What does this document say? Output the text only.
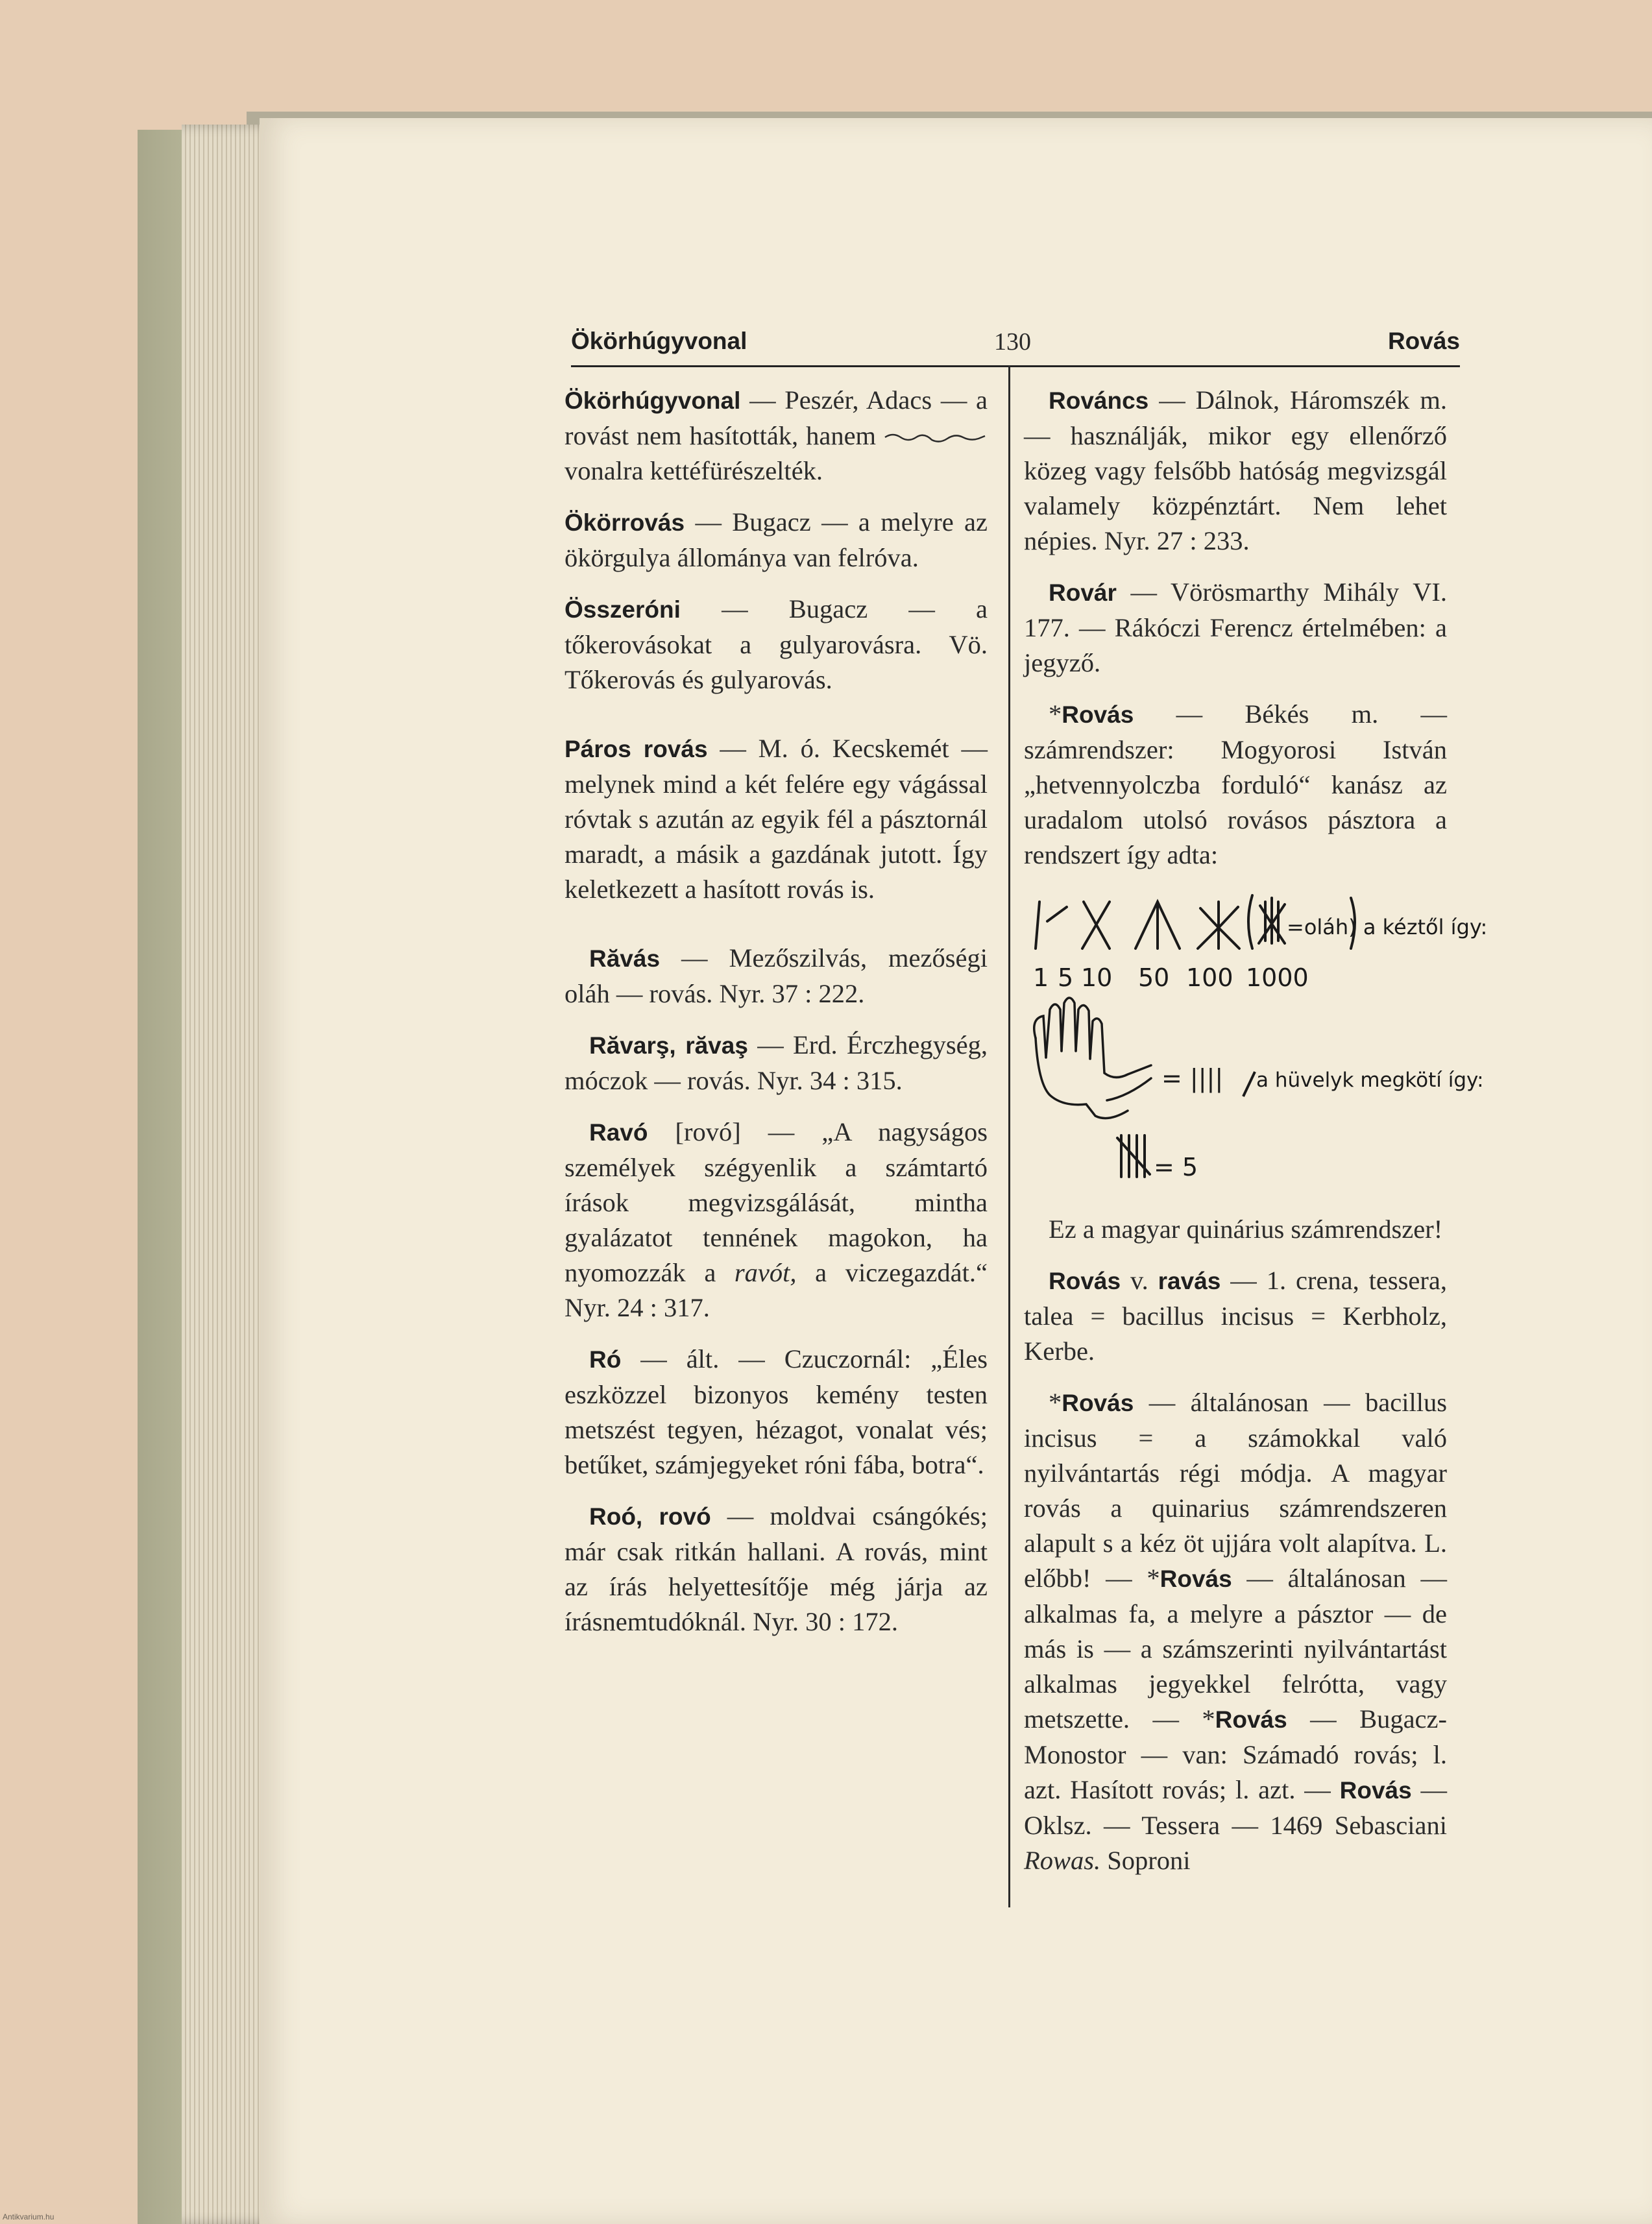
Ökörhúgyvonal	130	Rovás

Ökörhúgyvonal — Peszér, Adacs — a rovást nem hasították, hanem  vonalra kettéfürészelték.

Ökörrovás — Bugacz — a melyre az ökörgulya állománya van felróva.

Összeróni — Bugacz — a tőkerovásokat a gulyarovásra. Vö. Tőkerovás és gulyarovás.

Páros rovás — M. ó. Kecskemét — melynek mind a két felére egy vágással róvtak s azután az egyik fél a pásztornál maradt, a másik a gazdának jutott. Így keletkezett a hasított rovás is.

Răvás — Mezőszilvás, mezőségi oláh — rovás. Nyr. 37 : 222.

Răvarş, răvaş — Erd. Érczhegység, móczok — rovás. Nyr. 34 : 315.

Ravó [rovó] — „A nagyságos személyek szégyenlik a számtartó írások megvizsgálását, mintha gyalázatot tennének magokon, ha nyomozzák a ravót, a viczegazdát.“ Nyr. 24 : 317.

Ró — ált. — Czuczornál: „Éles eszközzel bizonyos kemény testen metszést tegyen, hézagot, vonalat vés; betűket, számjegyeket róni fába, botra“.

Roó, rovó — moldvai csángókés; már csak ritkán hallani. A rovás, mint az írás helyettesítője még járja az írásnemtudóknál. Nyr. 30 : 172.

Rováncs — Dálnok, Háromszék m. — használják, mikor egy ellenőrző közeg vagy felsőbb hatóság megvizsgál valamely közpénztárt. Nem lehet népies. Nyr. 27 : 233.

Rovár — Vörösmarthy Mihály VI. 177. — Rákóczi Ferencz értelmében: a jegyző.

*Rovás — Békés m. — számrendszer: Mogyorosi István „hetvennyolczba forduló“ kanász az uradalom utolsó rovásos pásztora a rendszert így adta:

=oláh) a kéztől így:
1 5 10 50 100 1000
= |||| a hüvelyk megkötí így:
= 5

Ez a magyar quinárius számrendszer!

Rovás v. ravás — 1. crena, tessera, talea = bacillus incisus = Kerbholz, Kerbe.

*Rovás — általánosan — bacillus incisus = a számokkal való nyilvántartás régi módja. A magyar rovás a quinarius számrendszeren alapult s a kéz öt ujjára volt alapítva. L. előbb! — *Rovás — általánosan — alkalmas fa, a melyre a pásztor — de más is — a számszerinti nyilvántartást alkalmas jegyekkel felrótta, vagy metszette. — *Rovás — Bugacz-Monostor — van: Számadó rovás; l. azt. Hasított rovás; l. azt. — Rovás — Oklsz. — Tessera — 1469 Sebasciani Rowas. Soproni

Antikvarium.hu
